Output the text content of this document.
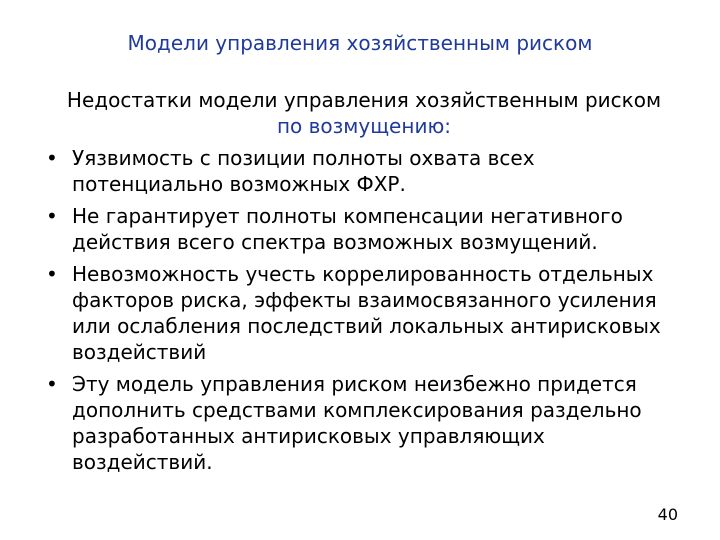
Модели управления хозяйственным риском
Недостатки модели управления хозяйственным риском
по возмущению:
• Уязвимость с позиции полноты охвата всех потенциально возможных ФХР.
• Не гарантирует полноты компенсации негативного действия всего спектра возможных возмущений.
• Невозможность учесть коррелированность отдельных факторов риска, эффекты взаимосвязанного усиления или ослабления последствий локальных антирисковых воздействий
• Эту модель управления риском неизбежно придется дополнить средствами комплексирования раздельно разработанных антирисковых управляющих воздействий.
40
